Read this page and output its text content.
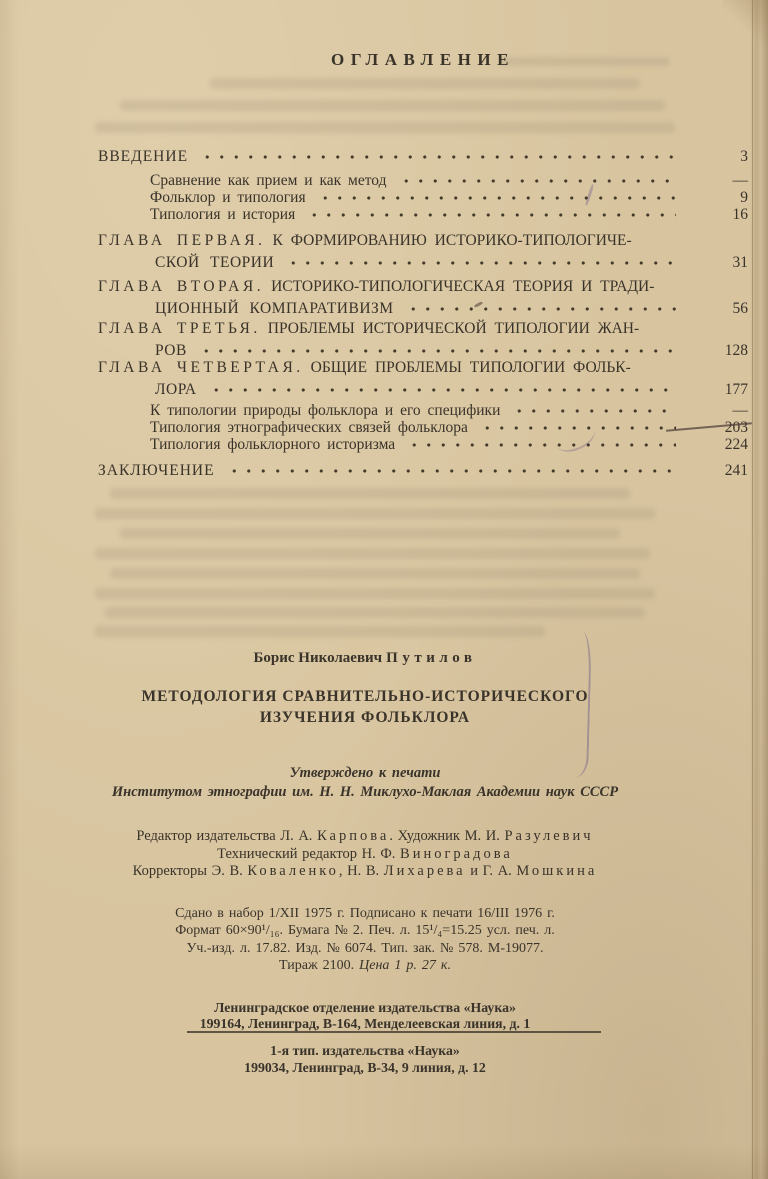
ОГЛАВЛЕНИЕ
ВВЕДЕНИЕ	3
Сравнение как прием и как метод	—
Фольклор и типология	9
Типология и история	16
ГЛАВА ПЕРВАЯ. К ФОРМИРОВАНИЮ ИСТОРИКО-ТИПОЛОГИЧЕ-
СКОЙ ТЕОРИИ	31
ГЛАВА ВТОРАЯ. ИСТОРИКО-ТИПОЛОГИЧЕСКАЯ ТЕОРИЯ И ТРАДИ-
ЦИОННЫЙ КОМПАРАТИВИЗМ	56
ГЛАВА ТРЕТЬЯ. ПРОБЛЕМЫ ИСТОРИЧЕСКОЙ ТИПОЛОГИИ ЖАН-
РОВ	128
ГЛАВА ЧЕТВЕРТАЯ. ОБЩИЕ ПРОБЛЕМЫ ТИПОЛОГИИ ФОЛЬК-
ЛОРА	177
К типологии природы фольклора и его специфики	—
Типология этнографических связей фольклора	203
Типология фольклорного историзма	224
ЗАКЛЮЧЕНИЕ	241
Борис Николаевич Путилов
МЕТОДОЛОГИЯ СРАВНИТЕЛЬНО-ИСТОРИЧЕСКОГО
ИЗУЧЕНИЯ ФОЛЬКЛОРА
Утверждено к печати
Институтом этнографии им. Н. Н. Миклухо-Маклая Академии наук СССР
Редактор издательства Л. А. Карпова. Художник М. И. Разулевич
Технический редактор Н. Ф. Виноградова
Корректоры Э. В. Коваленко, Н. В. Лихарева и Г. А. Мошкина
Сдано в набор 1/XII 1975 г. Подписано к печати 16/III 1976 г.
Формат 60×90¹/₁₆. Бумага № 2. Печ. л. 15¹/₄=15.25 усл. печ. л.
Уч.-изд. л. 17.82. Изд. № 6074. Тип. зак. № 578. М-19077.
Тираж 2100. Цена 1 р. 27 к.
Ленинградское отделение издательства «Наука»
199164, Ленинград, В-164, Менделеевская линия, д. 1
1-я тип. издательства «Наука»
199034, Ленинград, В-34, 9 линия, д. 12
